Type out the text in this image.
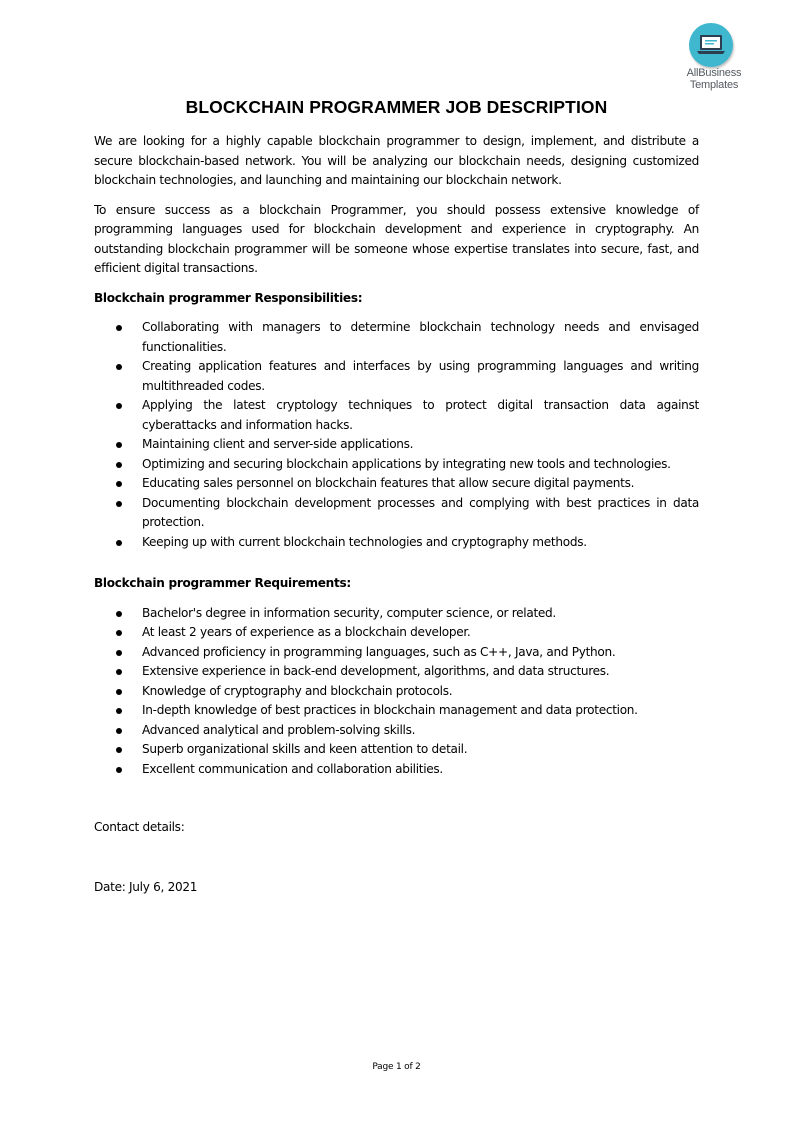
AllBusiness
Templates
BLOCKCHAIN PROGRAMMER JOB DESCRIPTION

We are looking for a highly capable blockchain programmer to design, implement, and distribute a secure blockchain-based network. You will be analyzing our blockchain needs, designing customized blockchain technologies, and launching and maintaining our blockchain network.

To ensure success as a blockchain Programmer, you should possess extensive knowledge of programming languages used for blockchain development and experience in cryptography. An outstanding blockchain programmer will be someone whose expertise translates into secure, fast, and efficient digital transactions.

Blockchain programmer Responsibilities:

Collaborating with managers to determine blockchain technology needs and envisaged functionalities.
Creating application features and interfaces by using programming languages and writing multithreaded codes.
Applying the latest cryptology techniques to protect digital transaction data against cyberattacks and information hacks.
Maintaining client and server-side applications.
Optimizing and securing blockchain applications by integrating new tools and technologies.
Educating sales personnel on blockchain features that allow secure digital payments.
Documenting blockchain development processes and complying with best practices in data protection.
Keeping up with current blockchain technologies and cryptography methods.

Blockchain programmer Requirements:

Bachelor's degree in information security, computer science, or related.
At least 2 years of experience as a blockchain developer.
Advanced proficiency in programming languages, such as C++, Java, and Python.
Extensive experience in back-end development, algorithms, and data structures.
Knowledge of cryptography and blockchain protocols.
In-depth knowledge of best practices in blockchain management and data protection.
Advanced analytical and problem-solving skills.
Superb organizational skills and keen attention to detail.
Excellent communication and collaboration abilities.

Contact details:

Date: July 6, 2021

Page 1 of 2
